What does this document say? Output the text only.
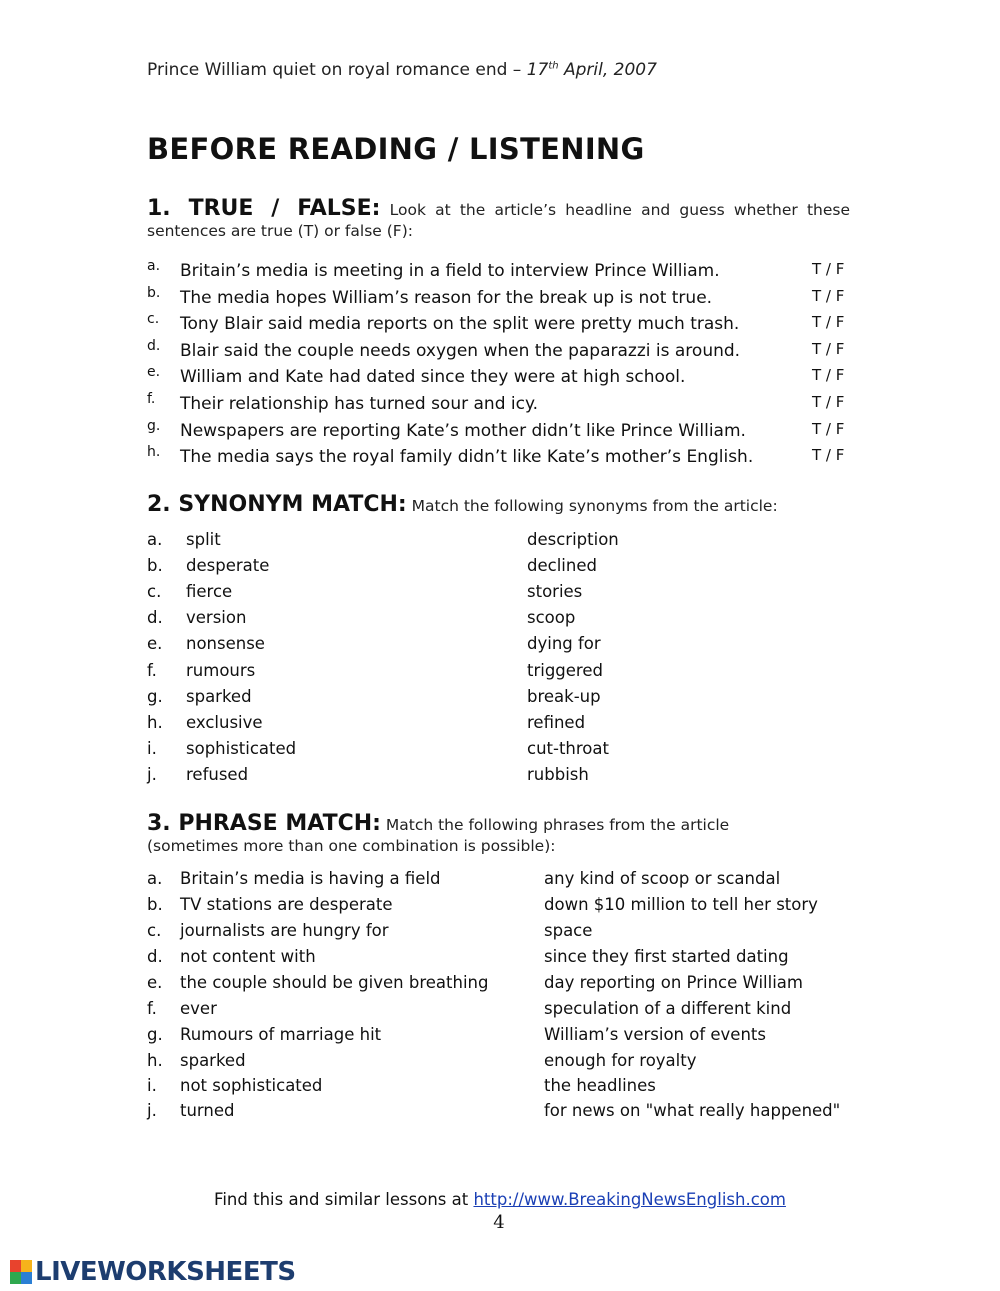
Prince William quiet on royal romance end – 17th April, 2007
BEFORE READING / LISTENING
1. TRUE / FALSE: Look at the article’s headline and guess whether these sentences are true (T) or false (F):
a. Britain’s media is meeting in a field to interview Prince William.	T / F
b. The media hopes William’s reason for the break up is not true.	T / F
c. Tony Blair said media reports on the split were pretty much trash.	T / F
d. Blair said the couple needs oxygen when the paparazzi is around.	T / F
e. William and Kate had dated since they were at high school.	T / F
f. Their relationship has turned sour and icy.	T / F
g. Newspapers are reporting Kate’s mother didn’t like Prince William.	T / F
h. The media says the royal family didn’t like Kate’s mother’s English.	T / F
2. SYNONYM MATCH: Match the following synonyms from the article:
a. split	description
b. desperate	declined
c. fierce	stories
d. version	scoop
e. nonsense	dying for
f. rumours	triggered
g. sparked	break-up
h. exclusive	refined
i. sophisticated	cut-throat
j. refused	rubbish
3. PHRASE MATCH: Match the following phrases from the article (sometimes more than one combination is possible):
a. Britain’s media is having a field	any kind of scoop or scandal
b. TV stations are desperate	down $10 million to tell her story
c. journalists are hungry for	space
d. not content with	since they first started dating
e. the couple should be given breathing	day reporting on Prince William
f. ever	speculation of a different kind
g. Rumours of marriage hit	William’s version of events
h. sparked	enough for royalty
i. not sophisticated	the headlines
j. turned	for news on "what really happened"
Find this and similar lessons at http://www.BreakingNewsEnglish.com
4
LIVEWORKSHEETS
